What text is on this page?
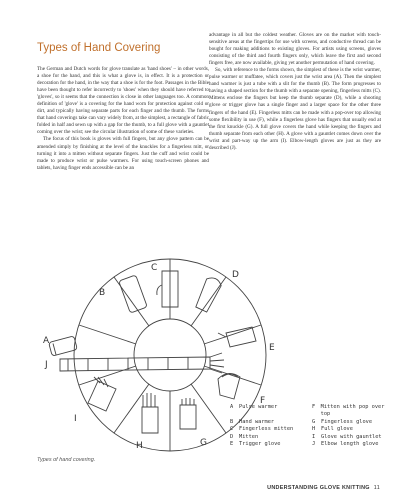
Types of Hand Covering

The German and Dutch words for glove translate as 'hand shoes' – in other words, a shoe for the hand, and this is what a glove is, in effect. It is a protection or decoration for the hand, in the way that a shoe is for the foot. Passages in the Bible have been thought to refer incorrectly to 'shoes' when they should have referred to 'gloves', so it seems that the connection is close in other languages too. A common definition of 'glove' is a covering for the hand worn for protection against cold or dirt, and typically having separate parts for each finger and the thumb. The forms that hand coverings take can vary widely from, at the simplest, a rectangle of fabric folded in half and sewn up with a gap for the thumb, to a full glove with a gauntlet coming over the wrist; see the circular illustration of some of these varieties.

The focus of this book is gloves with full fingers, but any glove pattern can be amended simply by finishing at the level of the knuckles for a fingerless mitt, or turning it into a mitten without separate fingers. Just the cuff and wrist could be made to produce wrist or pulse warmers. For using touch-screen phones and tablets, having finger ends accessible can be an

advantage in all but the coldest weather. Gloves are on the market with touch-sensitive areas at the fingertips for use with screens, and conductive thread can be bought for making additions to existing gloves. For artists using screens, gloves consisting of the third and fourth fingers only, which leave the first and second fingers free, are now available, giving yet another permutation of hand covering.

So, with reference to the forms shown, the simplest of these is the wrist warmer, pulse warmer or muffatee, which covers just the wrist area (A). Then the simplest hand warmer is just a tube with a slit for the thumb (B). The form progresses to having a shaped section for the thumb with a separate opening, fingerless mitts (C). Mittens enclose the fingers but keep the thumb separate (D), while a shooting glove or trigger glove has a single finger and a larger space for the other three fingers of the hand (E). Fingerless mitts can be made with a pop-over top allowing some flexibility in use (F), while a fingerless glove has fingers that usually end at the first knuckle (G). A full glove covers the hand while keeping the fingers and thumb separate from each other (H). A glove with a gauntlet comes down over the wrist and part-way up the arm (I). Elbow-length gloves are just as they are described (J).

B
C
D
A
E
J
F
I
G
H
A	Pulse warmer	F	Mitten with pop over top
B	Hand warmer	G	Fingerless glove
C	Fingerless mitten	H	Full glove
D	Mitten	I	Glove with gauntlet
E	Trigger glove	J	Elbow length glove
Types of hand covering.
UNDERSTANDING GLOVE KNITTING 11
